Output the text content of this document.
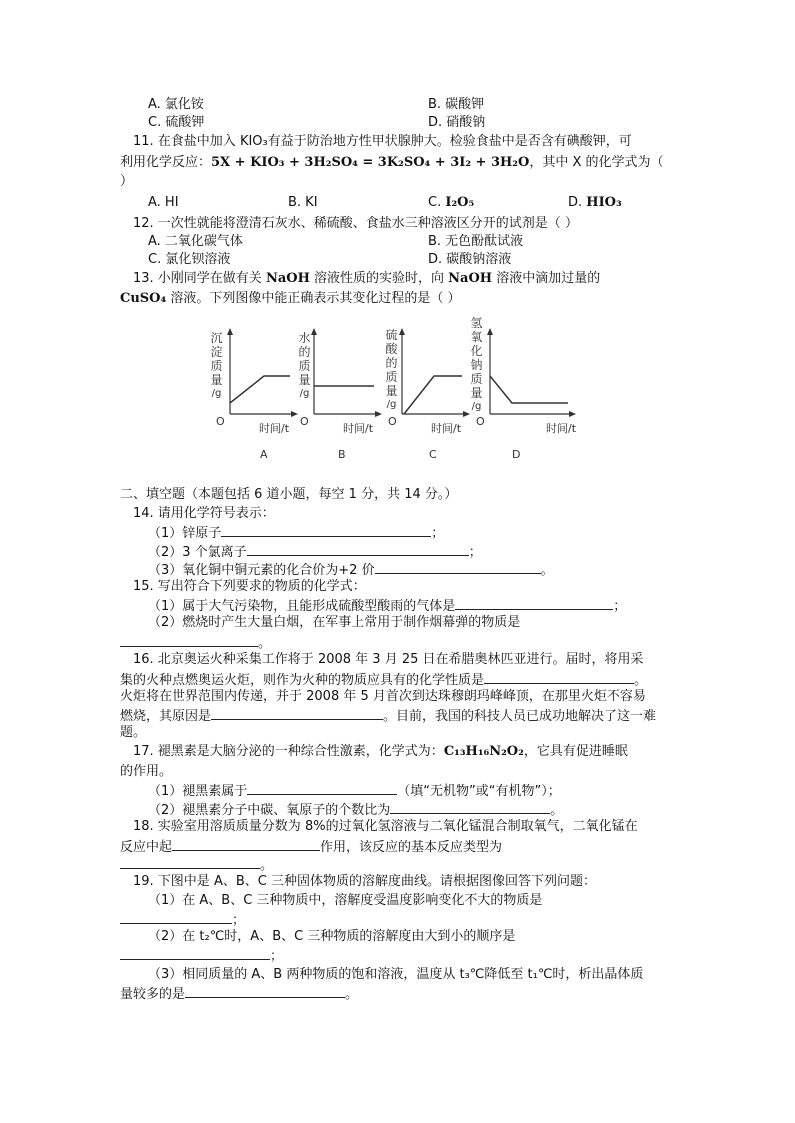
A. 氯化铵	B. 碳酸钾
C. 硫酸钾	D. 硝酸钠
11. 在食盐中加入 KIO₃有益于防治地方性甲状腺肿大。检验食盐中是否含有碘酸钾，可
利用化学反应：5X + KIO₃ + 3H₂SO₄ = 3K₂SO₄ + 3I₂ + 3H₂O，其中 X 的化学式为（
）
A. HI	B. KI	C. I₂O₅	D. HIO₃
12. 一次性就能将澄清石灰水、稀硫酸、食盐水三种溶液区分开的试剂是（ ）
A. 二氧化碳气体	B. 无色酚酞试液
C. 氯化钡溶液	D. 碳酸钠溶液
13. 小刚同学在做有关 NaOH 溶液性质的实验时，向 NaOH 溶液中滴加过量的
CuSO₄ 溶液。下列图像中能正确表示其变化过程的是（ ）
沉
淀
质
量
/g
O
时间/t
A
水
的
质
量
/g
O
时间/t
B
硫
酸
的
质
量
/g
O
时间/t
C
氢
氧
化
钠
质
量
/g
O
时间/t
D
二、填空题（本题包括 6 道小题，每空 1 分，共 14 分。）
14. 请用化学符号表示：
（1）锌原子	；
（2）3 个氯离子	；
（3）氧化铜中铜元素的化合价为+2 价	。
15. 写出符合下列要求的物质的化学式：
（1）属于大气污染物，且能形成硫酸型酸雨的气体是	；
（2）燃烧时产生大量白烟，在军事上常用于制作烟幕弹的物质是
。
16. 北京奥运火种采集工作将于 2008 年 3 月 25 日在希腊奥林匹亚进行。届时，将用采
集的火种点燃奥运火炬，则作为火种的物质应具有的化学性质是	。
火炬将在世界范围内传递，并于 2008 年 5 月首次到达珠穆朗玛峰峰顶，在那里火炬不容易
燃烧，其原因是	。目前，我国的科技人员已成功地解决了这一难
题。
17. 褪黑素是大脑分泌的一种综合性激素，化学式为：C₁₃H₁₆N₂O₂，它具有促进睡眠
的作用。
（1）褪黑素属于	（填“无机物”或“有机物”）；
（2）褪黑素分子中碳、氧原子的个数比为	。
18. 实验室用溶质质量分数为 8%的过氧化氢溶液与二氧化锰混合制取氧气，二氧化锰在
反应中起	作用，该反应的基本反应类型为
。
19. 下图中是 A、B、C 三种固体物质的溶解度曲线。请根据图像回答下列问题：
（1）在 A、B、C 三种物质中，溶解度受温度影响变化不大的物质是
；
（2）在 t₂℃时，A、B、C 三种物质的溶解度由大到小的顺序是
；
（3）相同质量的 A、B 两种物质的饱和溶液，温度从 t₃℃降低至 t₁℃时，析出晶体质
量较多的是	。
